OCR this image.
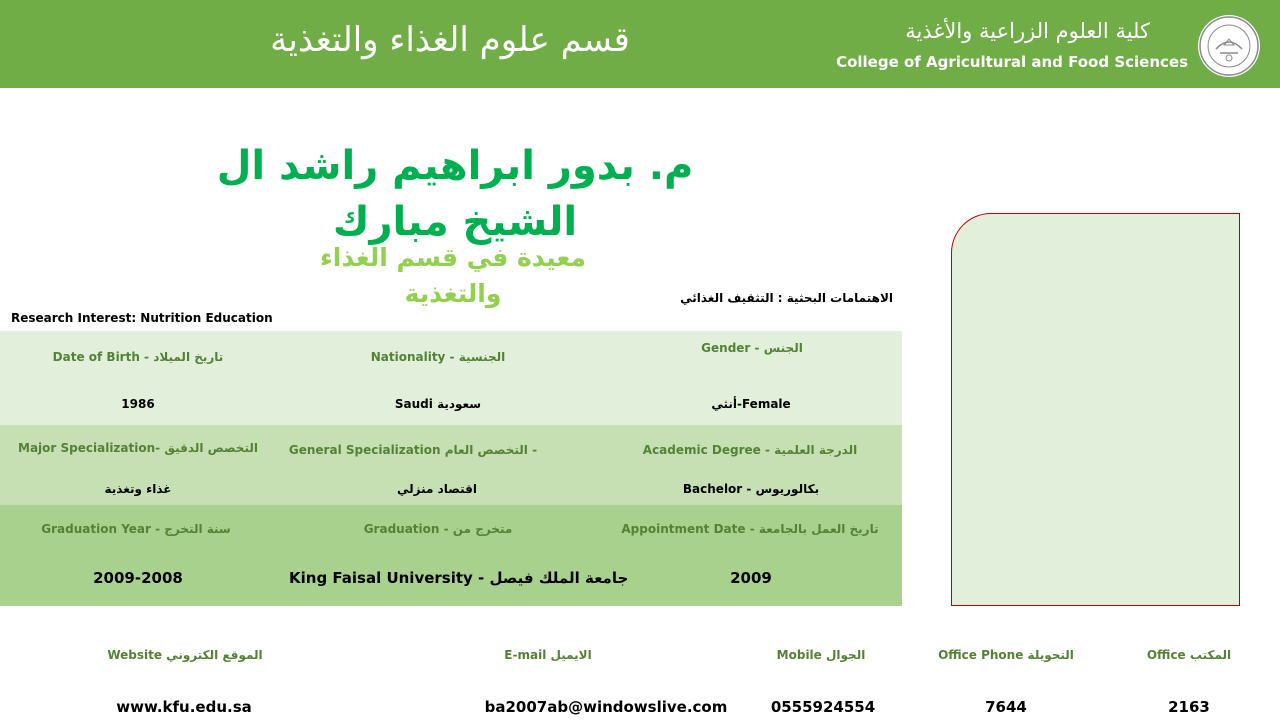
قسم علوم الغذاء والتغذية	كلية العلوم الزراعية والأغذية
College of Agricultural and Food Sciences
م. بدور ابراهيم راشد ال الشيخ مبارك
معيدة في قسم الغذاء والتغذية	الاهتمامات البحثية : التثقيف الغذائي
Research Interest: Nutrition Education
Gender - الجنس
أنثي-Female
Nationality - الجنسية
Saudi سعودية
Date of Birth - تاريخ الميلاد
1986
Academic Degree - الدرجة العلمية
Bachelor - بكالوريوس
General Specialization التخصص العام -
اقتصاد منزلي
Major Specialization- التخصص الدقيق
غذاء وتغذية
Appointment Date - تاريخ العمل بالجامعة
2009
Graduation - متخرج من
King Faisal University - جامعة الملك فيصل
Graduation Year - سنة التخرج
2009-2008
Office المكتب
2163
Office Phone التحويلة
7644
Mobile الجوال
0555924554
E-mail الايميل
ba2007ab@windowslive.com
Website الموقع الكتروني
www.kfu.edu.sa
